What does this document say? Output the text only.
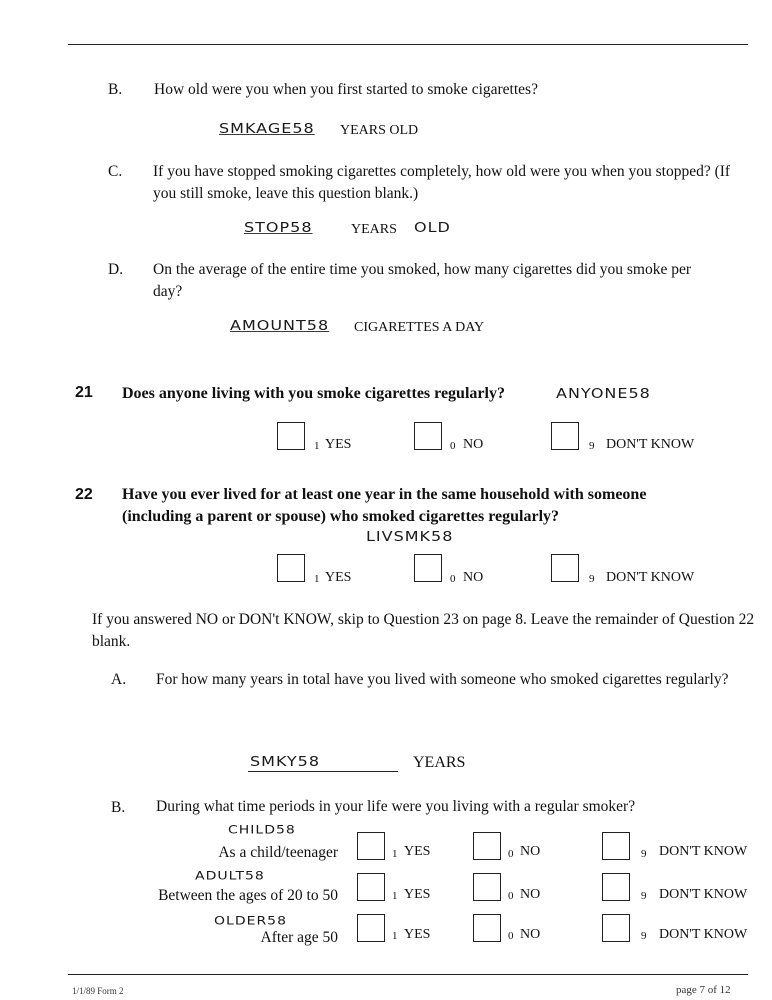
B. How old were you when you first started to smoke cigarettes?
SMKAGE58 YEARS OLD
C. If you have stopped smoking cigarettes completely, how old were you when you stopped? (If you still smoke, leave this question blank.)
STOP58	YEARS OLD
D. On the average of the entire time you smoked, how many cigarettes did you smoke per day?
AMOUNT58 CIGARETTES A DAY
21 Does anyone living with you smoke cigarettes regularly?	ANYONE58
1 YES	0 NO	9 DON'T KNOW
22 Have you ever lived for at least one year in the same household with someone (including a parent or spouse) who smoked cigarettes regularly?
LIVSMK58
1 YES	0 NO	9 DON'T KNOW
If you answered NO or DON't KNOW, skip to Question 23 on page 8. Leave the remainder of Question 22 blank.
A. For how many years in total have you lived with someone who smoked cigarettes regularly?
SMKY58	YEARS
B. During what time periods in your life were you living with a regular smoker?
CHILD58
As a child/teenager	1 YES	0 NO	9 DON'T KNOW
ADULT58
Between the ages of 20 to 50	1 YES	0 NO	9 DON'T KNOW
OLDER58
After age 50	1 YES	0 NO	9 DON'T KNOW
1/1/89 Form 2	page 7 of 12
